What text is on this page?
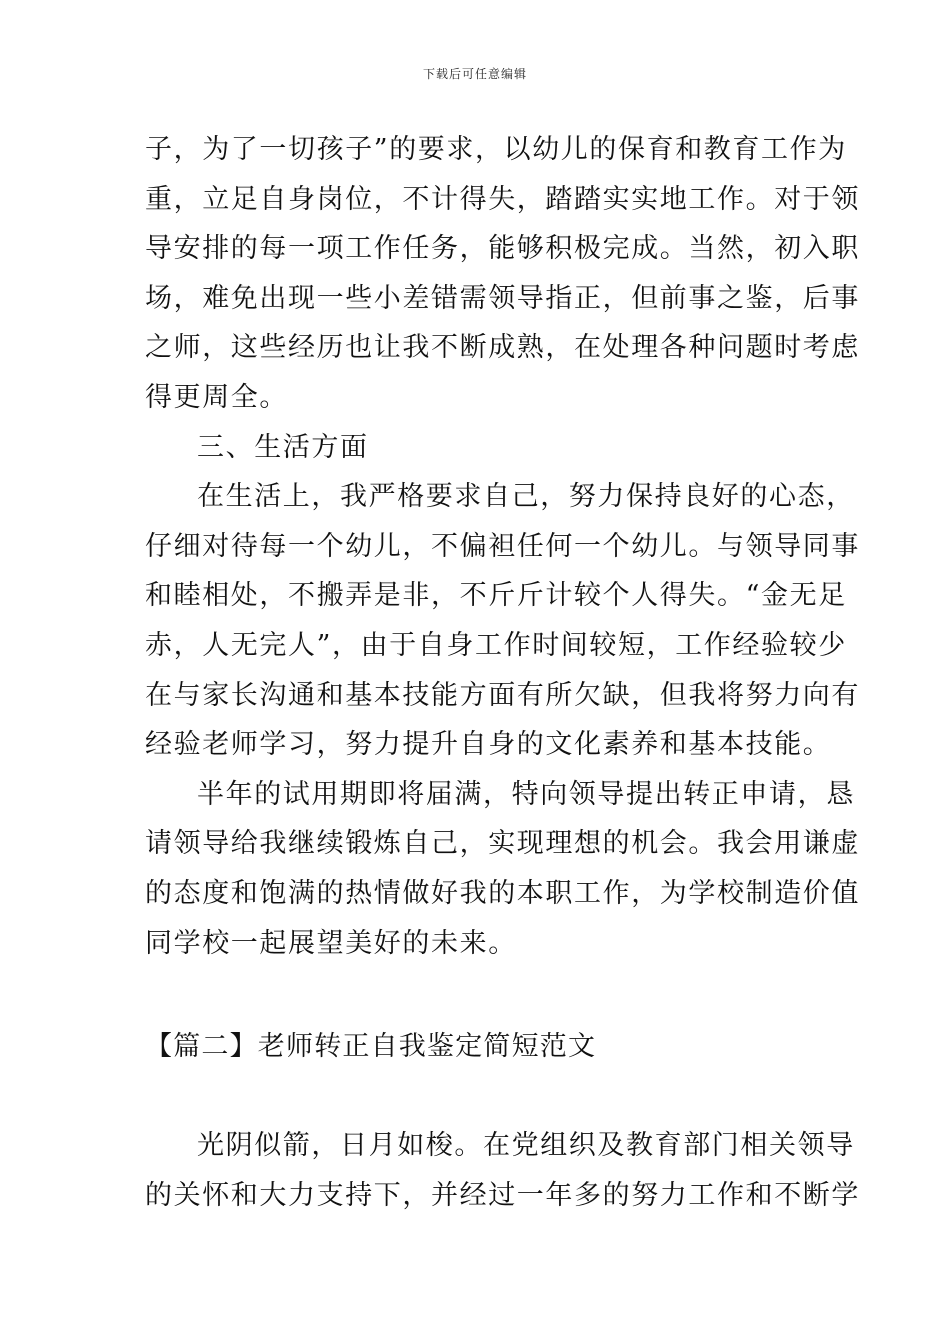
下载后可任意编辑

子，为了一切孩子”的要求，以幼儿的保育和教育工作为
重，立足自身岗位，不计得失，踏踏实实地工作。对于领
导安排的每一项工作任务，能够积极完成。当然，初入职
场，难免出现一些小差错需领导指正，但前事之鉴，后事
之师，这些经历也让我不断成熟，在处理各种问题时考虑
得更周全。

三、生活方面

在生活上，我严格要求自己，努力保持良好的心态，
仔细对待每一个幼儿，不偏袒任何一个幼儿。与领导同事
和睦相处，不搬弄是非，不斤斤计较个人得失。“金无足
赤，人无完人”，由于自身工作时间较短，工作经验较少
在与家长沟通和基本技能方面有所欠缺，但我将努力向有
经验老师学习，努力提升自身的文化素养和基本技能。

半年的试用期即将届满，特向领导提出转正申请，恳
请领导给我继续锻炼自己，实现理想的机会。我会用谦虚
的态度和饱满的热情做好我的本职工作，为学校制造价值
同学校一起展望美好的未来。

【篇二】老师转正自我鉴定简短范文

光阴似箭，日月如梭。在党组织及教育部门相关领导
的关怀和大力支持下，并经过一年多的努力工作和不断学
